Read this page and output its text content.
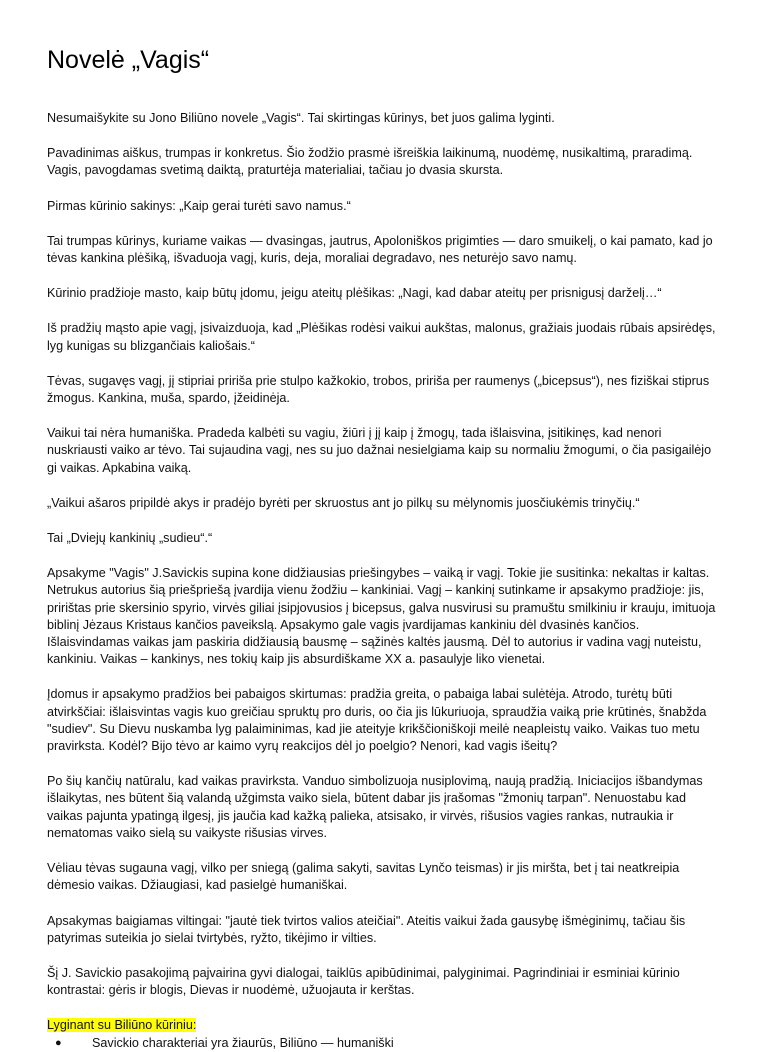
Novelė „Vagis“

Nesumaišykite su Jono Biliūno novele „Vagis“. Tai skirtingas kūrinys, bet juos galima lyginti.

Pavadinimas aiškus, trumpas ir konkretus. Šio žodžio prasmė išreiškia laikinumą, nuodėmę, nusikaltimą, praradimą. Vagis, pavogdamas svetimą daiktą, praturtėja materialiai, tačiau jo dvasia skursta.

Pirmas kūrinio sakinys: „Kaip gerai turėti savo namus.“

Tai trumpas kūrinys, kuriame vaikas — dvasingas, jautrus, Apoloniškos prigimties — daro smuikelį, o kai pamato, kad jo tėvas kankina plėšiką, išvaduoja vagį, kuris, deja, moraliai degradavo, nes neturėjo savo namų.

Kūrinio pradžioje masto, kaip būtų įdomu, jeigu ateitų plėšikas: „Nagi, kad dabar ateitų per prisnigusį darželį…“

Iš pradžių mąsto apie vagį, įsivaizduoja, kad „Plėšikas rodėsi vaikui aukštas, malonus, gražiais juodais rūbais apsirėdęs, lyg kunigas su blizgančiais kaliošais.“

Tėvas, sugavęs vagį, jį stipriai pririša prie stulpo kažkokio, trobos, pririša per raumenys („bicepsus“), nes fiziškai stiprus žmogus. Kankina, muša, spardo, įžeidinėja.

Vaikui tai nėra humaniška. Pradeda kalbėti su vagiu, žiūri į jį kaip į žmogų, tada išlaisvina, įsitikinęs, kad nenori nuskriausti vaiko ar tėvo. Tai sujaudina vagį, nes su juo dažnai nesielgiama kaip su normaliu žmogumi, o čia pasigailėjo gi vaikas. Apkabina vaiką.

„Vaikui ašaros pripildė akys ir pradėjo byrėti per skruostus ant jo pilkų su mėlynomis juosčiukėmis trinyčių.“

Tai „Dviejų kankinių „sudieu“.“

Apsakyme "Vagis" J.Savickis supina kone didžiausias priešingybes – vaiką ir vagį. Tokie jie susitinka: nekaltas ir kaltas. Netrukus autorius šią priešpriešą įvardija vienu žodžiu – kankiniai. Vagį – kankinį sutinkame ir apsakymo pradžioje: jis, pririštas prie skersinio spyrio, virvės giliai įsipjovusios į bicepsus, galva nusvirusi su pramuštu smilkiniu ir krauju, imituoja biblinį Jėzaus Kristaus kančios paveikslą. Apsakymo gale vagis įvardijamas kankiniu dėl dvasinės kančios. Išlaisvindamas vaikas jam paskiria didžiausią bausmę – sąžinės kaltės jausmą. Dėl to autorius ir vadina vagį nuteistu, kankiniu. Vaikas – kankinys, nes tokių kaip jis absurdiškame XX a. pasaulyje liko vienetai.

Įdomus ir apsakymo pradžios bei pabaigos skirtumas: pradžia greita, o pabaiga labai sulėtėja. Atrodo, turėtų būti atvirkščiai: išlaisvintas vagis kuo greičiau spruktų pro duris, oo čia jis lūkuriuoja, spraudžia vaiką prie krūtinės, šnabžda "sudiev". Su Dievu nuskamba lyg palaiminimas, kad jie ateityje krikščioniškoji meilė neapleistų vaiko. Vaikas tuo metu pravirksta. Kodėl? Bijo tėvo ar kaimo vyrų reakcijos dėl jo poelgio? Nenori, kad vagis išeitų?

Po šių kančių natūralu, kad vaikas pravirksta. Vanduo simbolizuoja nusiplovimą, naują pradžią. Iniciacijos išbandymas išlaikytas, nes būtent šią valandą užgimsta vaiko siela, būtent dabar jis įrašomas "žmonių tarpan". Nenuostabu kad vaikas pajunta ypatingą ilgesį, jis jaučia kad kažką palieka, atsisako, ir virvės, rišusios vagies rankas, nutraukia ir nematomas vaiko sielą su vaikyste rišusias virves.

Vėliau tėvas sugauna vagį, vilko per sniegą (galima sakyti, savitas Lynčo teismas) ir jis miršta, bet į tai neatkreipia dėmesio vaikas. Džiaugiasi, kad pasielgė humaniškai.

Apsakymas baigiamas viltingai: "jautė tiek tvirtos valios ateičiai". Ateitis vaikui žada gausybę išmėginimų, tačiau šis patyrimas suteikia jo sielai tvirtybės, ryžto, tikėjimo ir vilties.

Šį J. Savickio pasakojimą pajvairina gyvi dialogai, taiklūs apibūdinimai, palyginimai. Pagrindiniai ir esminiai kūrinio kontrastai: gėris ir blogis, Dievas ir nuodėmė, užuojauta ir kerštas.

Lyginant su Biliūno kūriniu:

● Savickio charakteriai yra žiaurūs, Biliūno — humaniški
